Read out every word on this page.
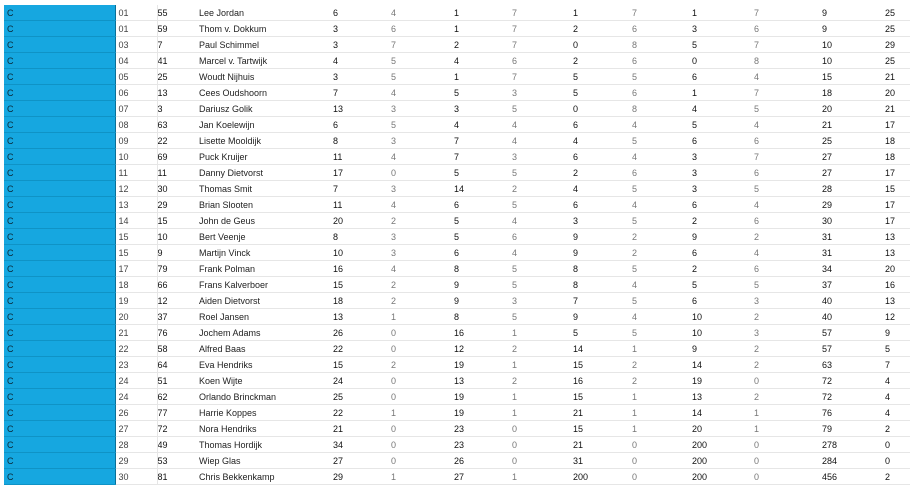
C	01	55	Lee Jordan	6	4	1	7	1	7	1	7	9	25
C	01	59	Thom v. Dokkum	3	6	1	7	2	6	3	6	9	25
C	03	7	Paul Schimmel	3	7	2	7	0	8	5	7	10	29
C	04	41	Marcel v. Tartwijk	4	5	4	6	2	6	0	8	10	25
C	05	25	Woudt Nijhuis	3	5	1	7	5	5	6	4	15	21
C	06	13	Cees Oudshoorn	7	4	5	3	5	6	1	7	18	20
C	07	3	Dariusz Golik	13	3	3	5	0	8	4	5	20	21
C	08	63	Jan Koelewijn	6	5	4	4	6	4	5	4	21	17
C	09	22	Lisette Mooldijk	8	3	7	4	4	5	6	6	25	18
C	10	69	Puck Kruijer	11	4	7	3	6	4	3	7	27	18
C	11	11	Danny Dietvorst	17	0	5	5	2	6	3	6	27	17
C	12	30	Thomas Smit	7	3	14	2	4	5	3	5	28	15
C	13	29	Brian Slooten	11	4	6	5	6	4	6	4	29	17
C	14	15	John de Geus	20	2	5	4	3	5	2	6	30	17
C	15	10	Bert Veenje	8	3	5	6	9	2	9	2	31	13
C	15	9	Martijn Vinck	10	3	6	4	9	2	6	4	31	13
C	17	79	Frank Polman	16	4	8	5	8	5	2	6	34	20
C	18	66	Frans Kalverboer	15	2	9	5	8	4	5	5	37	16
C	19	12	Aiden Dietvorst	18	2	9	3	7	5	6	3	40	13
C	20	37	Roel Jansen	13	1	8	5	9	4	10	2	40	12
C	21	76	Jochem Adams	26	0	16	1	5	5	10	3	57	9
C	22	58	Alfred Baas	22	0	12	2	14	1	9	2	57	5
C	23	64	Eva Hendriks	15	2	19	1	15	2	14	2	63	7
C	24	51	Koen Wijte	24	0	13	2	16	2	19	0	72	4
C	24	62	Orlando Brinckman	25	0	19	1	15	1	13	2	72	4
C	26	77	Harrie Koppes	22	1	19	1	21	1	14	1	76	4
C	27	72	Nora Hendriks	21	0	23	0	15	1	20	1	79	2
C	28	49	Thomas Hordijk	34	0	23	0	21	0	200	0	278	0
C	29	53	Wiep Glas	27	0	26	0	31	0	200	0	284	0
C	30	81	Chris Bekkenkamp	29	1	27	1	200	0	200	0	456	2
